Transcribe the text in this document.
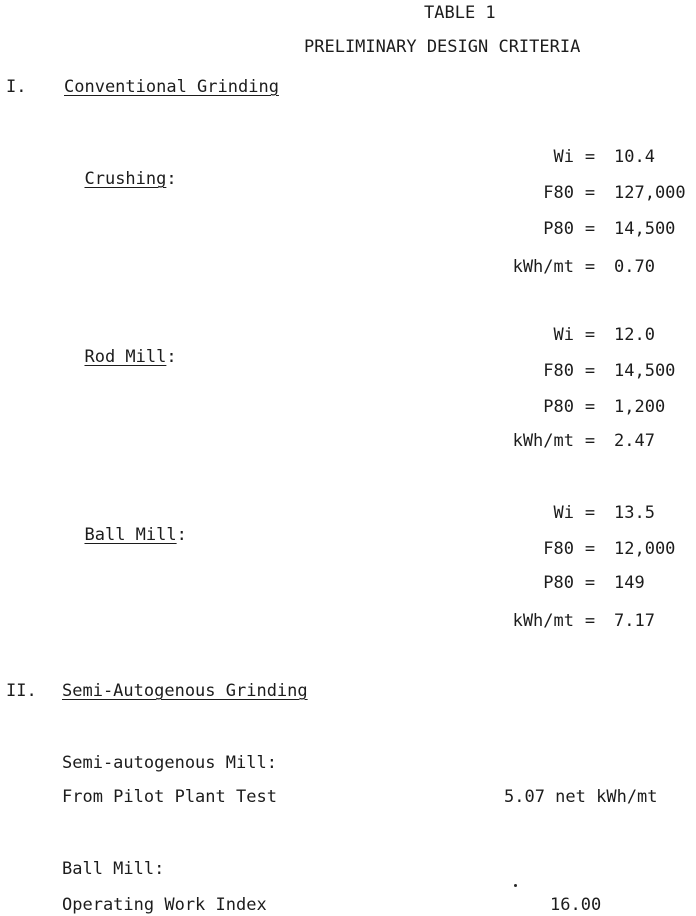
TABLE 1
PRELIMINARY DESIGN CRITERIA
I. Conventional Grinding

Crushing:

Wi = 10.4
F80 = 127,000
P80 = 14,500
kWh/mt = 0.70

Rod Mill:

Wi = 12.0
F80 = 14,500
P80 = 1,200
kWh/mt = 2.47

Ball Mill:

Wi = 13.5
F80 = 12,000
P80 = 149
kWh/mt = 7.17
II. Semi-Autogenous Grinding
Semi-autogenous Mill:
From Pilot Plant Test	5.07 net kWh/mt
Ball Mill:
Operating Work Index	16.00
